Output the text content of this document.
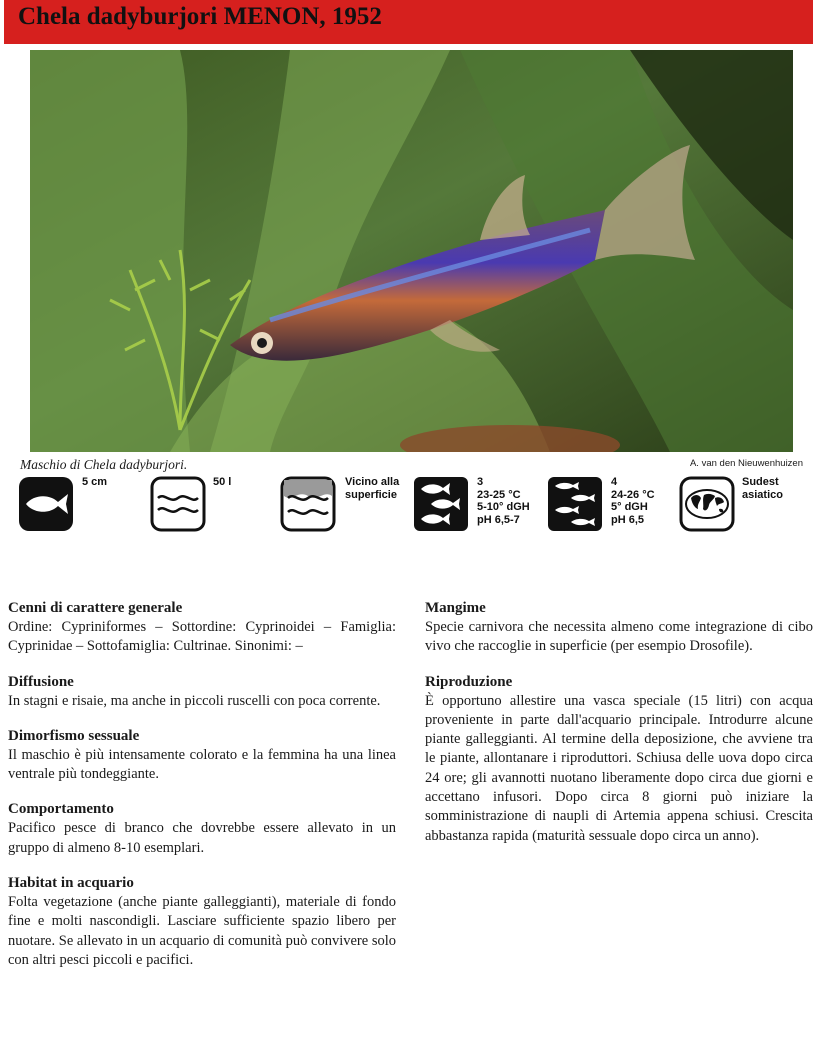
Chela dadyburjori MENON, 1952
Maschio di Chela dadyburjori.	A. van den Nieuwenhuizen
5 cm	50 l	Vicino alla
superficie
3
23-25 °C
5-10° dGH
pH 6,5-7
4
24-26 °C
5° dGH
pH 6,5
Sudest
asiatico
Cenni di carattere generale

Ordine: Cypriniformes – Sottordine: Cyprinoidei – Famiglia: Cyprinidae – Sottofamiglia: Cultrinae. Sinonimi: –

Diffusione

In stagni e risaie, ma anche in piccoli ruscelli con poca corrente.

Dimorfismo sessuale

Il maschio è più intensamente colorato e la femmina ha una linea ventrale più tondeggiante.

Comportamento

Pacifico pesce di branco che dovrebbe essere allevato in un gruppo di almeno 8-10 esemplari.

Habitat in acquario

Folta vegetazione (anche piante galleggianti), materiale di fondo fine e molti nascondigli. Lasciare sufficiente spazio libero per nuotare. Se allevato in un acquario di comunità può convivere solo con altri pesci piccoli e pacifici.

Mangime

Specie carnivora che necessita almeno come integrazione di cibo vivo che raccoglie in superficie (per esempio Drosofile).

Riproduzione

È opportuno allestire una vasca speciale (15 litri) con acqua proveniente in parte dall'acquario principale. Introdurre alcune piante galleggianti. Al termine della deposizione, che avviene tra le piante, allontanare i riproduttori. Schiusa delle uova dopo circa 24 ore; gli avannotti nuotano liberamente dopo circa due giorni e accettano infusori. Dopo circa 8 giorni può iniziare la somministrazione di naupli di Artemia appena schiusi. Crescita abbastanza rapida (maturità sessuale dopo circa un anno).
